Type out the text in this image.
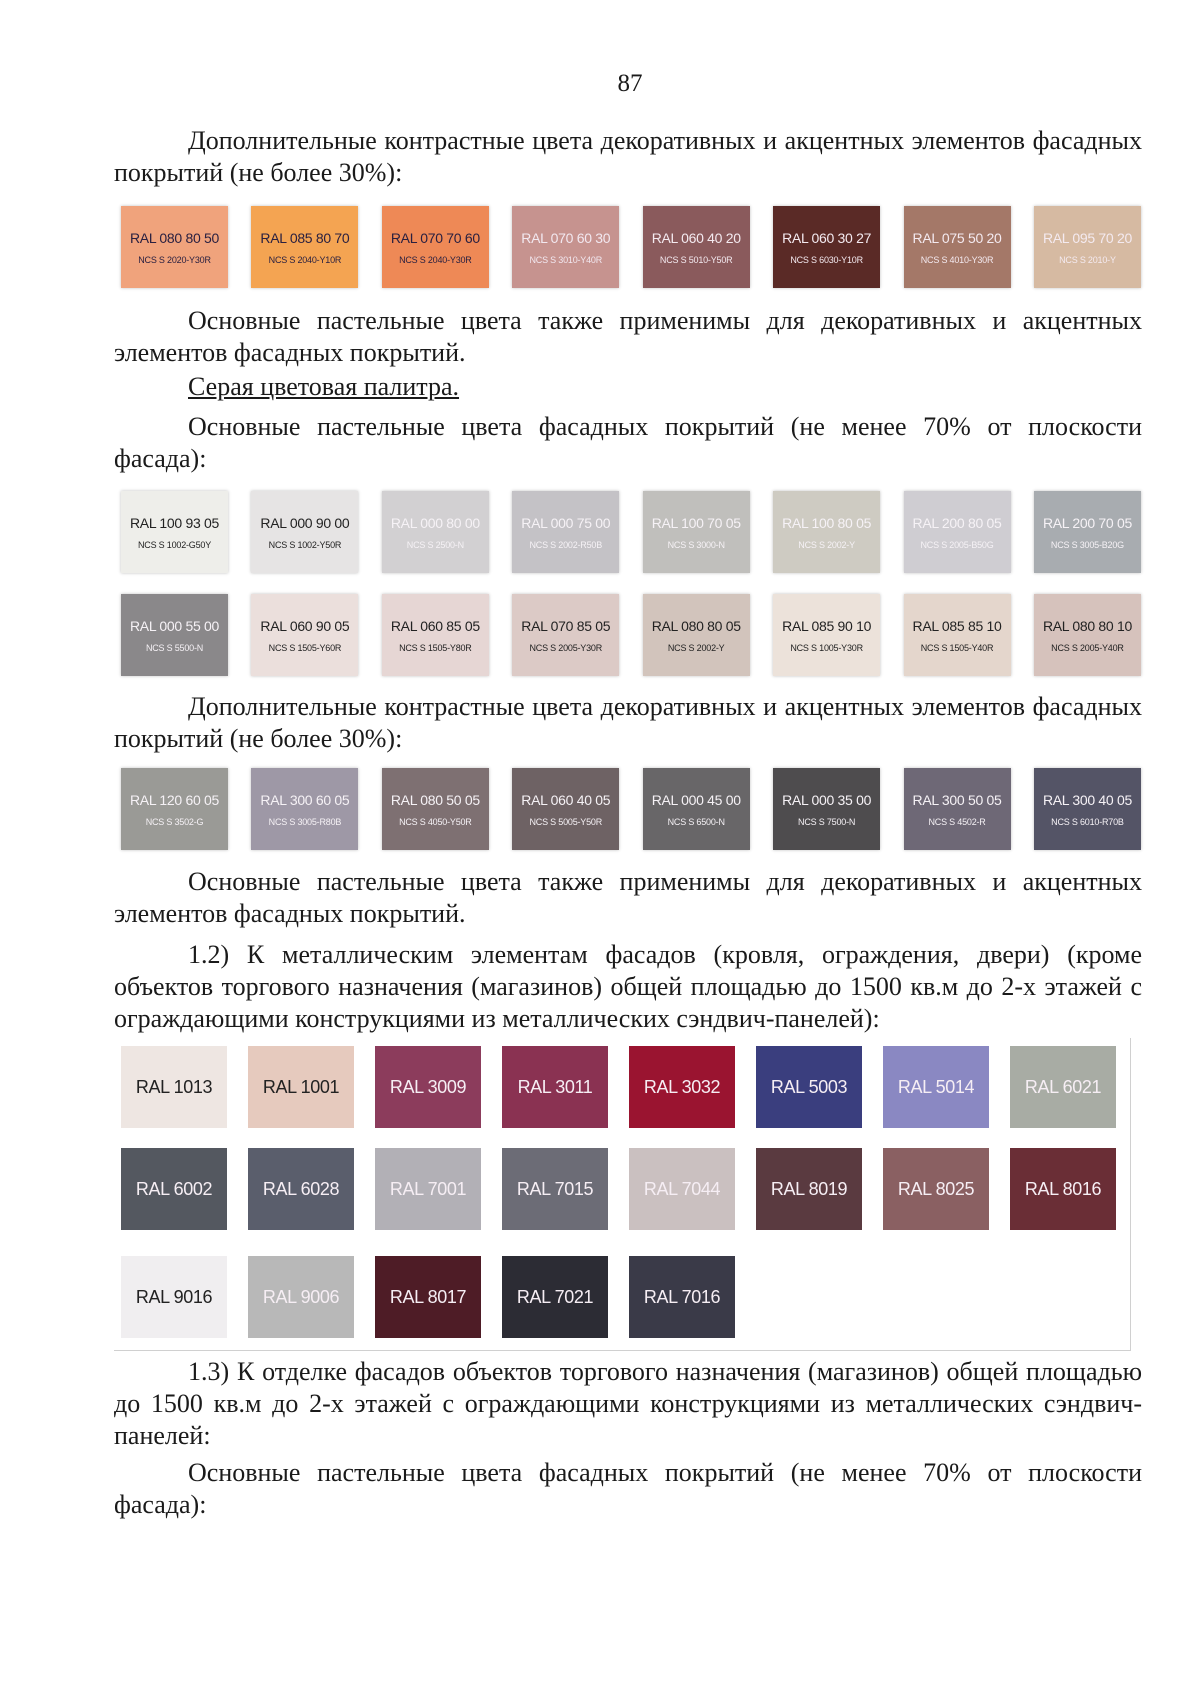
87

Дополнительные контрастные цвета декоративных и акцентных элементов фасадных покрытий (не более 30%):

RAL 080 80 50
NCS S 2020-Y30R
RAL 085 80 70
NCS S 2040-Y10R
RAL 070 70 60
NCS S 2040-Y30R
RAL 070 60 30
NCS S 3010-Y40R
RAL 060 40 20
NCS S 5010-Y50R
RAL 060 30 27
NCS S 6030-Y10R
RAL 075 50 20
NCS S 4010-Y30R
RAL 095 70 20
NCS S 2010-Y

Основные пастельные цвета также применимы для декоративных и акцентных элементов фасадных покрытий.

Серая цветовая палитра.

Основные пастельные цвета фасадных покрытий (не менее 70% от плоскости фасада):

RAL 100 93 05
NCS S 1002-G50Y
RAL 000 90 00
NCS S 1002-Y50R
RAL 000 80 00
NCS S 2500-N
RAL 000 75 00
NCS S 2002-R50B
RAL 100 70 05
NCS S 3000-N
RAL 100 80 05
NCS S 2002-Y
RAL 200 80 05
NCS S 2005-B50G
RAL 200 70 05
NCS S 3005-B20G
RAL 000 55 00
NCS S 5500-N
RAL 060 90 05
NCS S 1505-Y60R
RAL 060 85 05
NCS S 1505-Y80R
RAL 070 85 05
NCS S 2005-Y30R
RAL 080 80 05
NCS S 2002-Y
RAL 085 90 10
NCS S 1005-Y30R
RAL 085 85 10
NCS S 1505-Y40R
RAL 080 80 10
NCS S 2005-Y40R

Дополнительные контрастные цвета декоративных и акцентных элементов фасадных покрытий (не более 30%):

RAL 120 60 05
NCS S 3502-G
RAL 300 60 05
NCS S 3005-R80B
RAL 080 50 05
NCS S 4050-Y50R
RAL 060 40 05
NCS S 5005-Y50R
RAL 000 45 00
NCS S 6500-N
RAL 000 35 00
NCS S 7500-N
RAL 300 50 05
NCS S 4502-R
RAL 300 40 05
NCS S 6010-R70B

Основные пастельные цвета также применимы для декоративных и акцентных элементов фасадных покрытий.

1.2) К металлическим элементам фасадов (кровля, ограждения, двери) (кроме объектов торгового назначения (магазинов) общей площадью до 1500 кв.м до 2-х этажей с ограждающими конструкциями из металлических сэндвич-панелей):

RAL 1013	RAL 1001	RAL 3009	RAL 3011	RAL 3032	RAL 5003	RAL 5014	RAL 6021
RAL 6002	RAL 6028	RAL 7001	RAL 7015	RAL 7044	RAL 8019	RAL 8025	RAL 8016
RAL 9016	RAL 9006	RAL 8017	RAL 7021	RAL 7016

1.3) К отделке фасадов объектов торгового назначения (магазинов) общей площадью до 1500 кв.м до 2-х этажей с ограждающими конструкциями из металлических сэндвич-панелей:

Основные пастельные цвета фасадных покрытий (не менее 70% от плоскости фасада):
